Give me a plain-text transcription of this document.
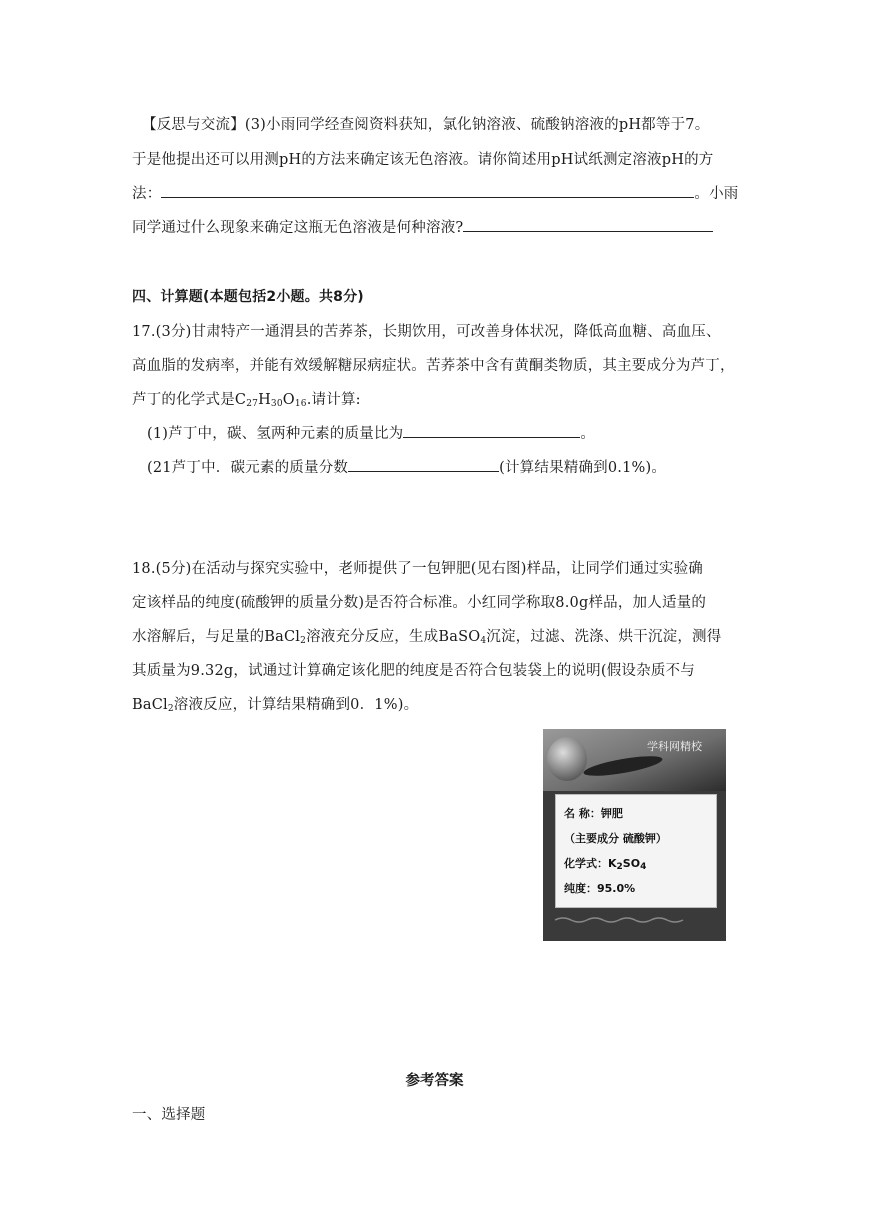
【反思与交流】(3)小雨同学经查阅资料获知，氯化钠溶液、硫酸钠溶液的pH都等于7。
于是他提出还可以用测pH的方法来确定该无色溶液。请你简述用pH试纸测定溶液pH的方
法：	。小雨
同学通过什么现象来确定这瓶无色溶液是何种溶液?
四、计算题(本题包括2小题。共8分)
17.(3分)甘肃特产一通渭县的苦荞茶，长期饮用，可改善身体状况，降低高血糖、高血压、
高血脂的发病率，并能有效缓解糖尿病症状。苦荞茶中含有黄酮类物质，其主要成分为芦丁，
芦丁的化学式是$C_{27}H_{30}O_{16}$.请计算:
(1)芦丁中，碳、氢两种元素的质量比为	。
(21芦丁中．碳元素的质量分数	(计算结果精确到0.1%)。
18.(5分)在活动与探究实验中，老师提供了一包钾肥(见右图)样品，让同学们通过实验确
定该样品的纯度(硫酸钾的质量分数)是否符合标准。小红同学称取8.0g样品，加人适量的
水溶解后，与足量的BaCl$_2$溶液充分反应，生成BaSO$_4$沉淀，过滤、洗涤、烘干沉淀，测得
其质量为9.32g，试通过计算确定该化肥的纯度是否符合包装袋上的说明(假设杂质不与
BaCl$_2$溶液反应，计算结果精确到0．1%)。
学科网精校
名 称：钾肥
（主要成分 硫酸钾）
化学式：$K_2SO_4$
纯度：95.0%
参考答案
一、选择题
